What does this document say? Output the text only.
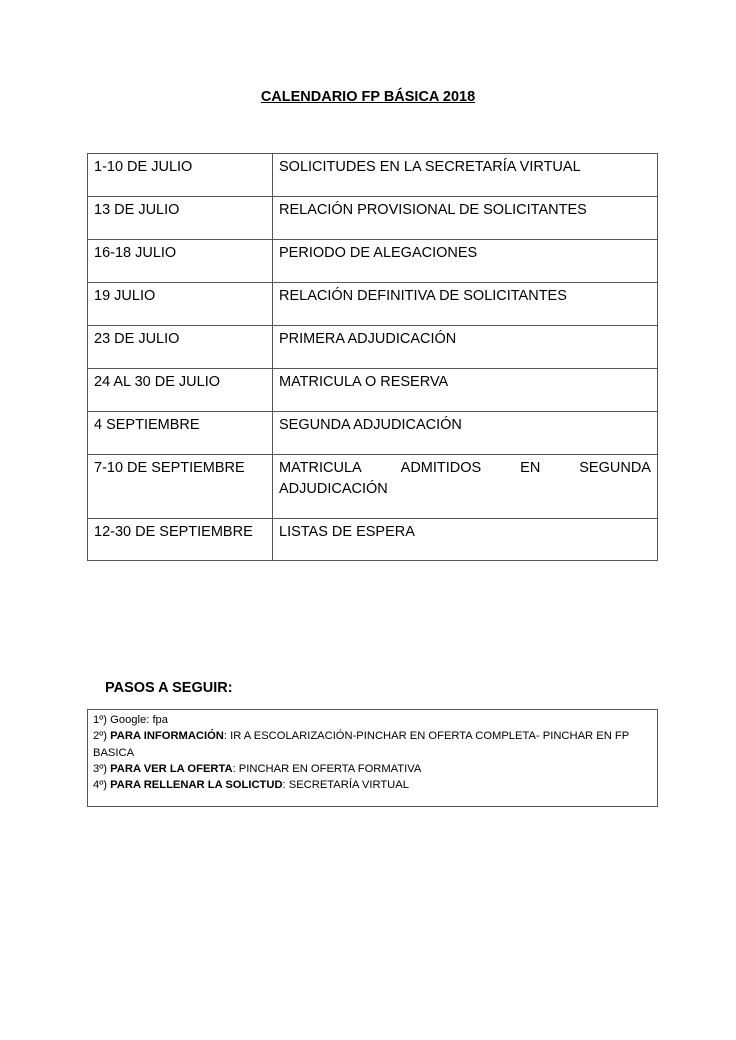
CALENDARIO FP BÁSICA 2018
1-10 DE JULIO	SOLICITUDES EN LA SECRETARÍA VIRTUAL
13 DE JULIO	RELACIÓN PROVISIONAL DE SOLICITANTES
16-18 JULIO	PERIODO DE ALEGACIONES
19 JULIO	RELACIÓN DEFINITIVA DE SOLICITANTES
23 DE JULIO	PRIMERA ADJUDICACIÓN
24 AL 30 DE JULIO	MATRICULA O RESERVA
4 SEPTIEMBRE	SEGUNDA ADJUDICACIÓN
7-10 DE SEPTIEMBRE	MATRICULA ADMITIDOS EN SEGUNDA
ADJUDICACIÓN

12-30 DE SEPTIEMBRE	LISTAS DE ESPERA
PASOS A SEGUIR:
1º) Google: fpa
2º) PARA INFORMACIÓN: IR A ESCOLARIZACIÓN-PINCHAR EN OFERTA COMPLETA- PINCHAR EN FP BASICA
3º) PARA VER LA OFERTA: PINCHAR EN OFERTA FORMATIVA
4º) PARA RELLENAR LA SOLICTUD: SECRETARÍA VIRTUAL
